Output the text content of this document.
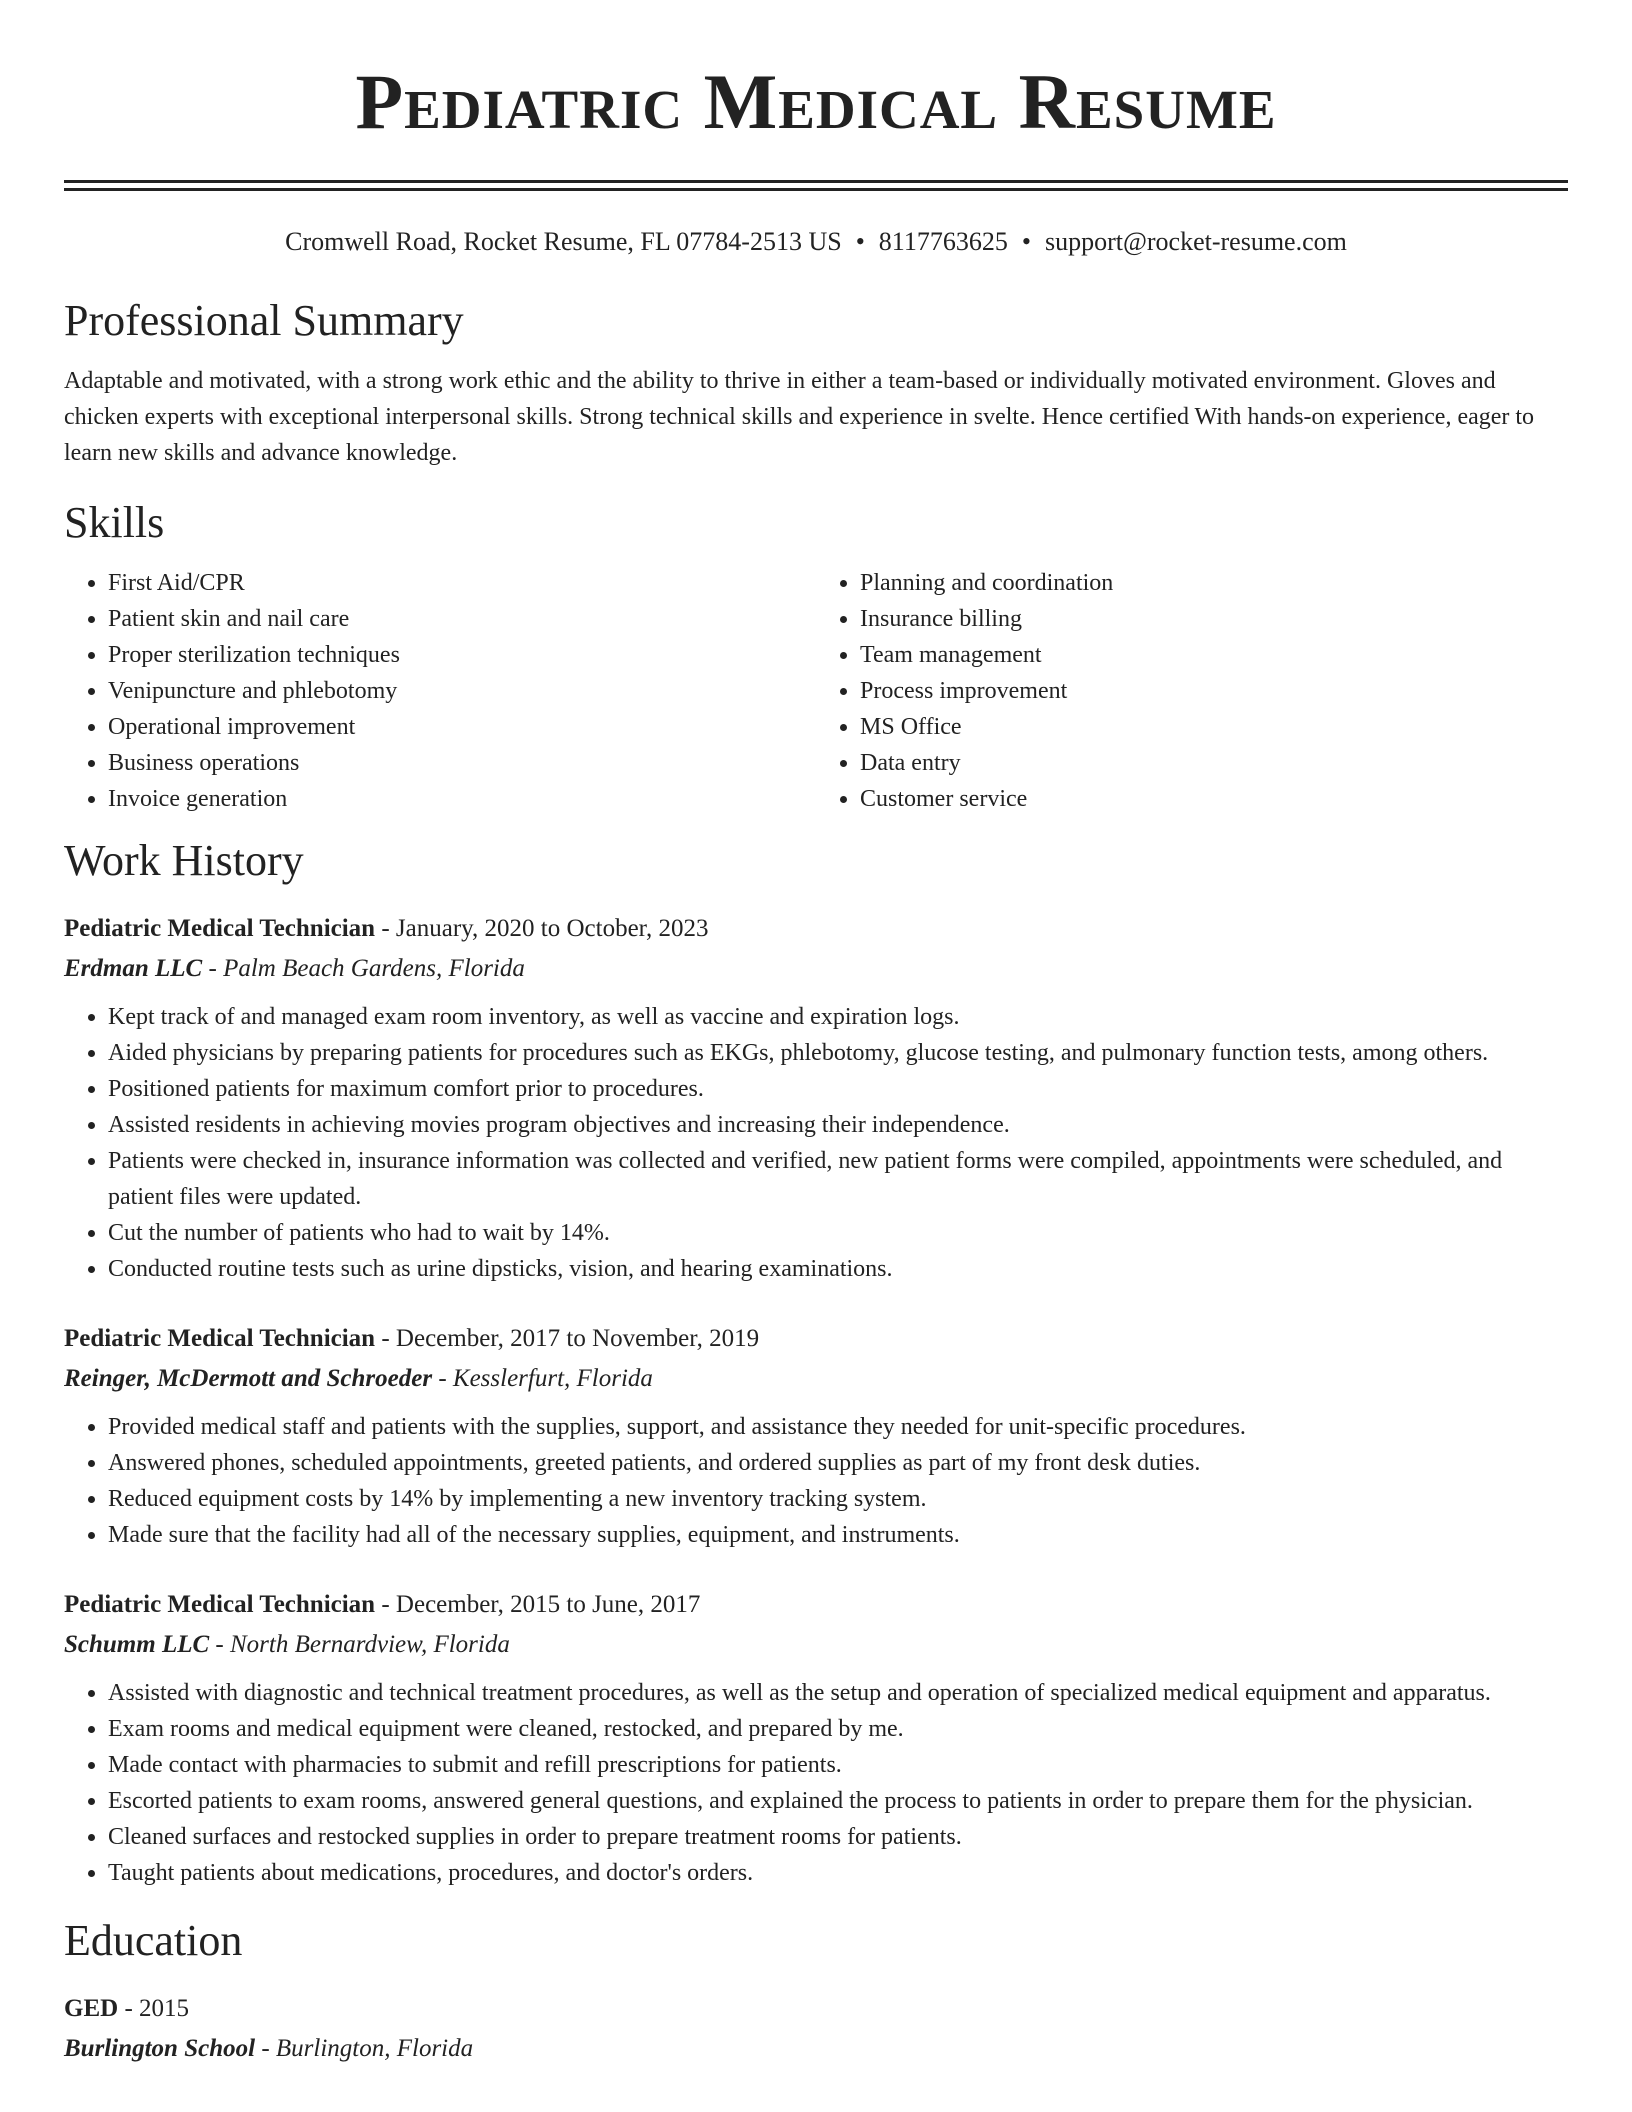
Pediatric Medical Resume
Cromwell Road, Rocket Resume, FL 07784-2513 US • 8117763625 • support@rocket-resume.com
Professional Summary
Adaptable and motivated, with a strong work ethic and the ability to thrive in either a team-based or individually motivated environment. Gloves and chicken experts with exceptional interpersonal skills. Strong technical skills and experience in svelte. Hence certified With hands-on experience, eager to learn new skills and advance knowledge.
Skills
• First Aid/CPR
• Patient skin and nail care
• Proper sterilization techniques
• Venipuncture and phlebotomy
• Operational improvement
• Business operations
• Invoice generation
• Planning and coordination
• Insurance billing
• Team management
• Process improvement
• MS Office
• Data entry
• Customer service
Work History
Pediatric Medical Technician - January, 2020 to October, 2023
Erdman LLC - Palm Beach Gardens, Florida
• Kept track of and managed exam room inventory, as well as vaccine and expiration logs.
• Aided physicians by preparing patients for procedures such as EKGs, phlebotomy, glucose testing, and pulmonary function tests, among others.
• Positioned patients for maximum comfort prior to procedures.
• Assisted residents in achieving movies program objectives and increasing their independence.
• Patients were checked in, insurance information was collected and verified, new patient forms were compiled, appointments were scheduled, and patient files were updated.
• Cut the number of patients who had to wait by 14%.
• Conducted routine tests such as urine dipsticks, vision, and hearing examinations.
Pediatric Medical Technician - December, 2017 to November, 2019
Reinger, McDermott and Schroeder - Kesslerfurt, Florida
• Provided medical staff and patients with the supplies, support, and assistance they needed for unit-specific procedures.
• Answered phones, scheduled appointments, greeted patients, and ordered supplies as part of my front desk duties.
• Reduced equipment costs by 14% by implementing a new inventory tracking system.
• Made sure that the facility had all of the necessary supplies, equipment, and instruments.
Pediatric Medical Technician - December, 2015 to June, 2017
Schumm LLC - North Bernardview, Florida
• Assisted with diagnostic and technical treatment procedures, as well as the setup and operation of specialized medical equipment and apparatus.
• Exam rooms and medical equipment were cleaned, restocked, and prepared by me.
• Made contact with pharmacies to submit and refill prescriptions for patients.
• Escorted patients to exam rooms, answered general questions, and explained the process to patients in order to prepare them for the physician.
• Cleaned surfaces and restocked supplies in order to prepare treatment rooms for patients.
• Taught patients about medications, procedures, and doctor's orders.
Education
GED - 2015
Burlington School - Burlington, Florida
